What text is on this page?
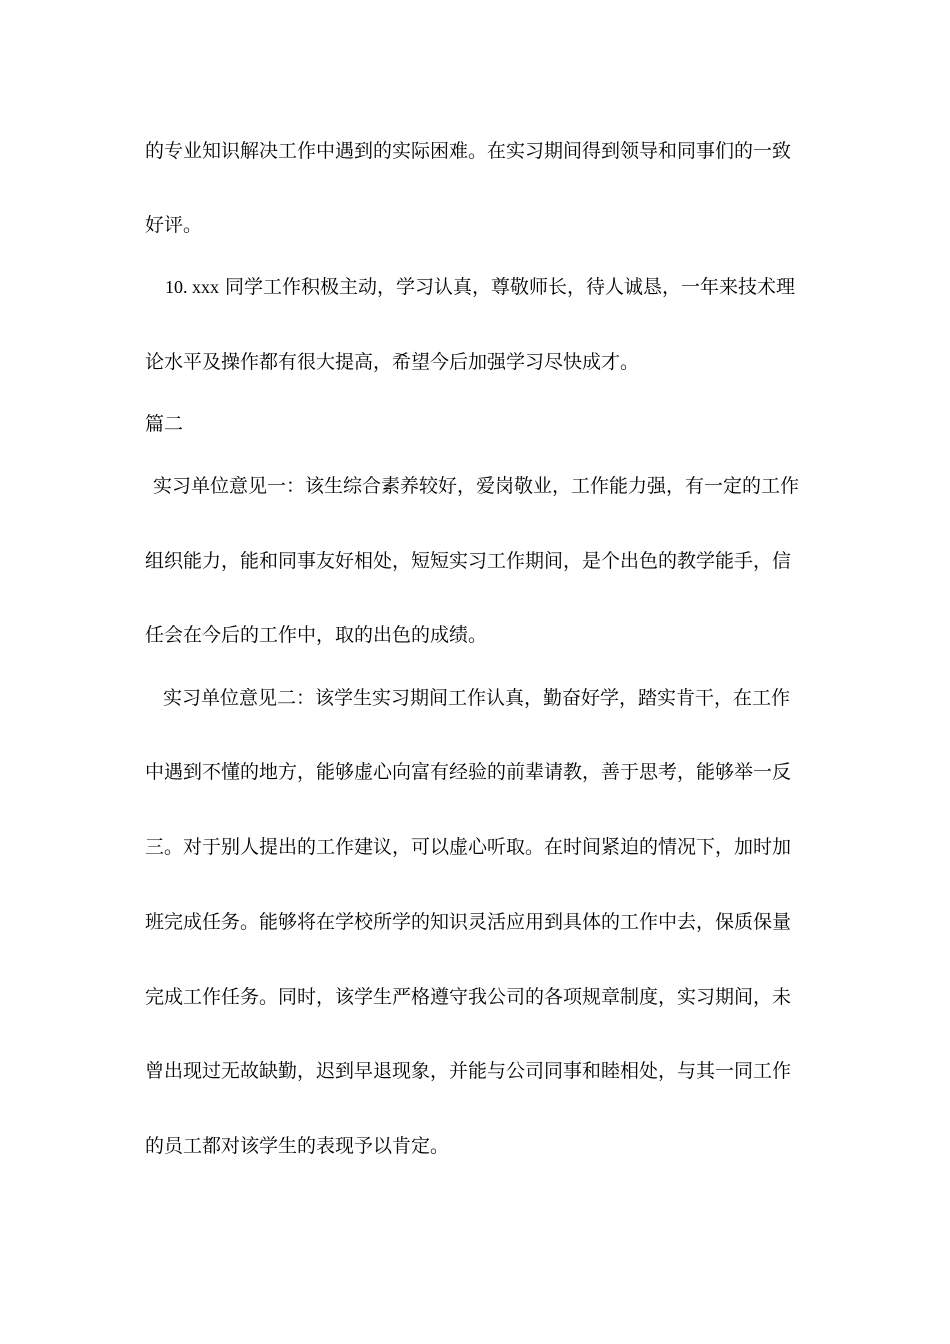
的专业知识解决工作中遇到的实际困难。在实习期间得到领导和同事们的一致
好评。
10. xxx 同学工作积极主动，学习认真，尊敬师长，待人诚恳，一年来技术理
论水平及操作都有很大提高，希望今后加强学习尽快成才。
篇二
实习单位意见一：该生综合素养较好，爱岗敬业，工作能力强，有一定的工作
组织能力，能和同事友好相处，短短实习工作期间，是个出色的教学能手，信
任会在今后的工作中，取的出色的成绩。
实习单位意见二：该学生实习期间工作认真，勤奋好学，踏实肯干，在工作
中遇到不懂的地方，能够虚心向富有经验的前辈请教，善于思考，能够举一反
三。对于别人提出的工作建议，可以虚心听取。在时间紧迫的情况下，加时加
班完成任务。能够将在学校所学的知识灵活应用到具体的工作中去，保质保量
完成工作任务。同时，该学生严格遵守我公司的各项规章制度，实习期间，未
曾出现过无故缺勤，迟到早退现象，并能与公司同事和睦相处，与其一同工作
的员工都对该学生的表现予以肯定。
